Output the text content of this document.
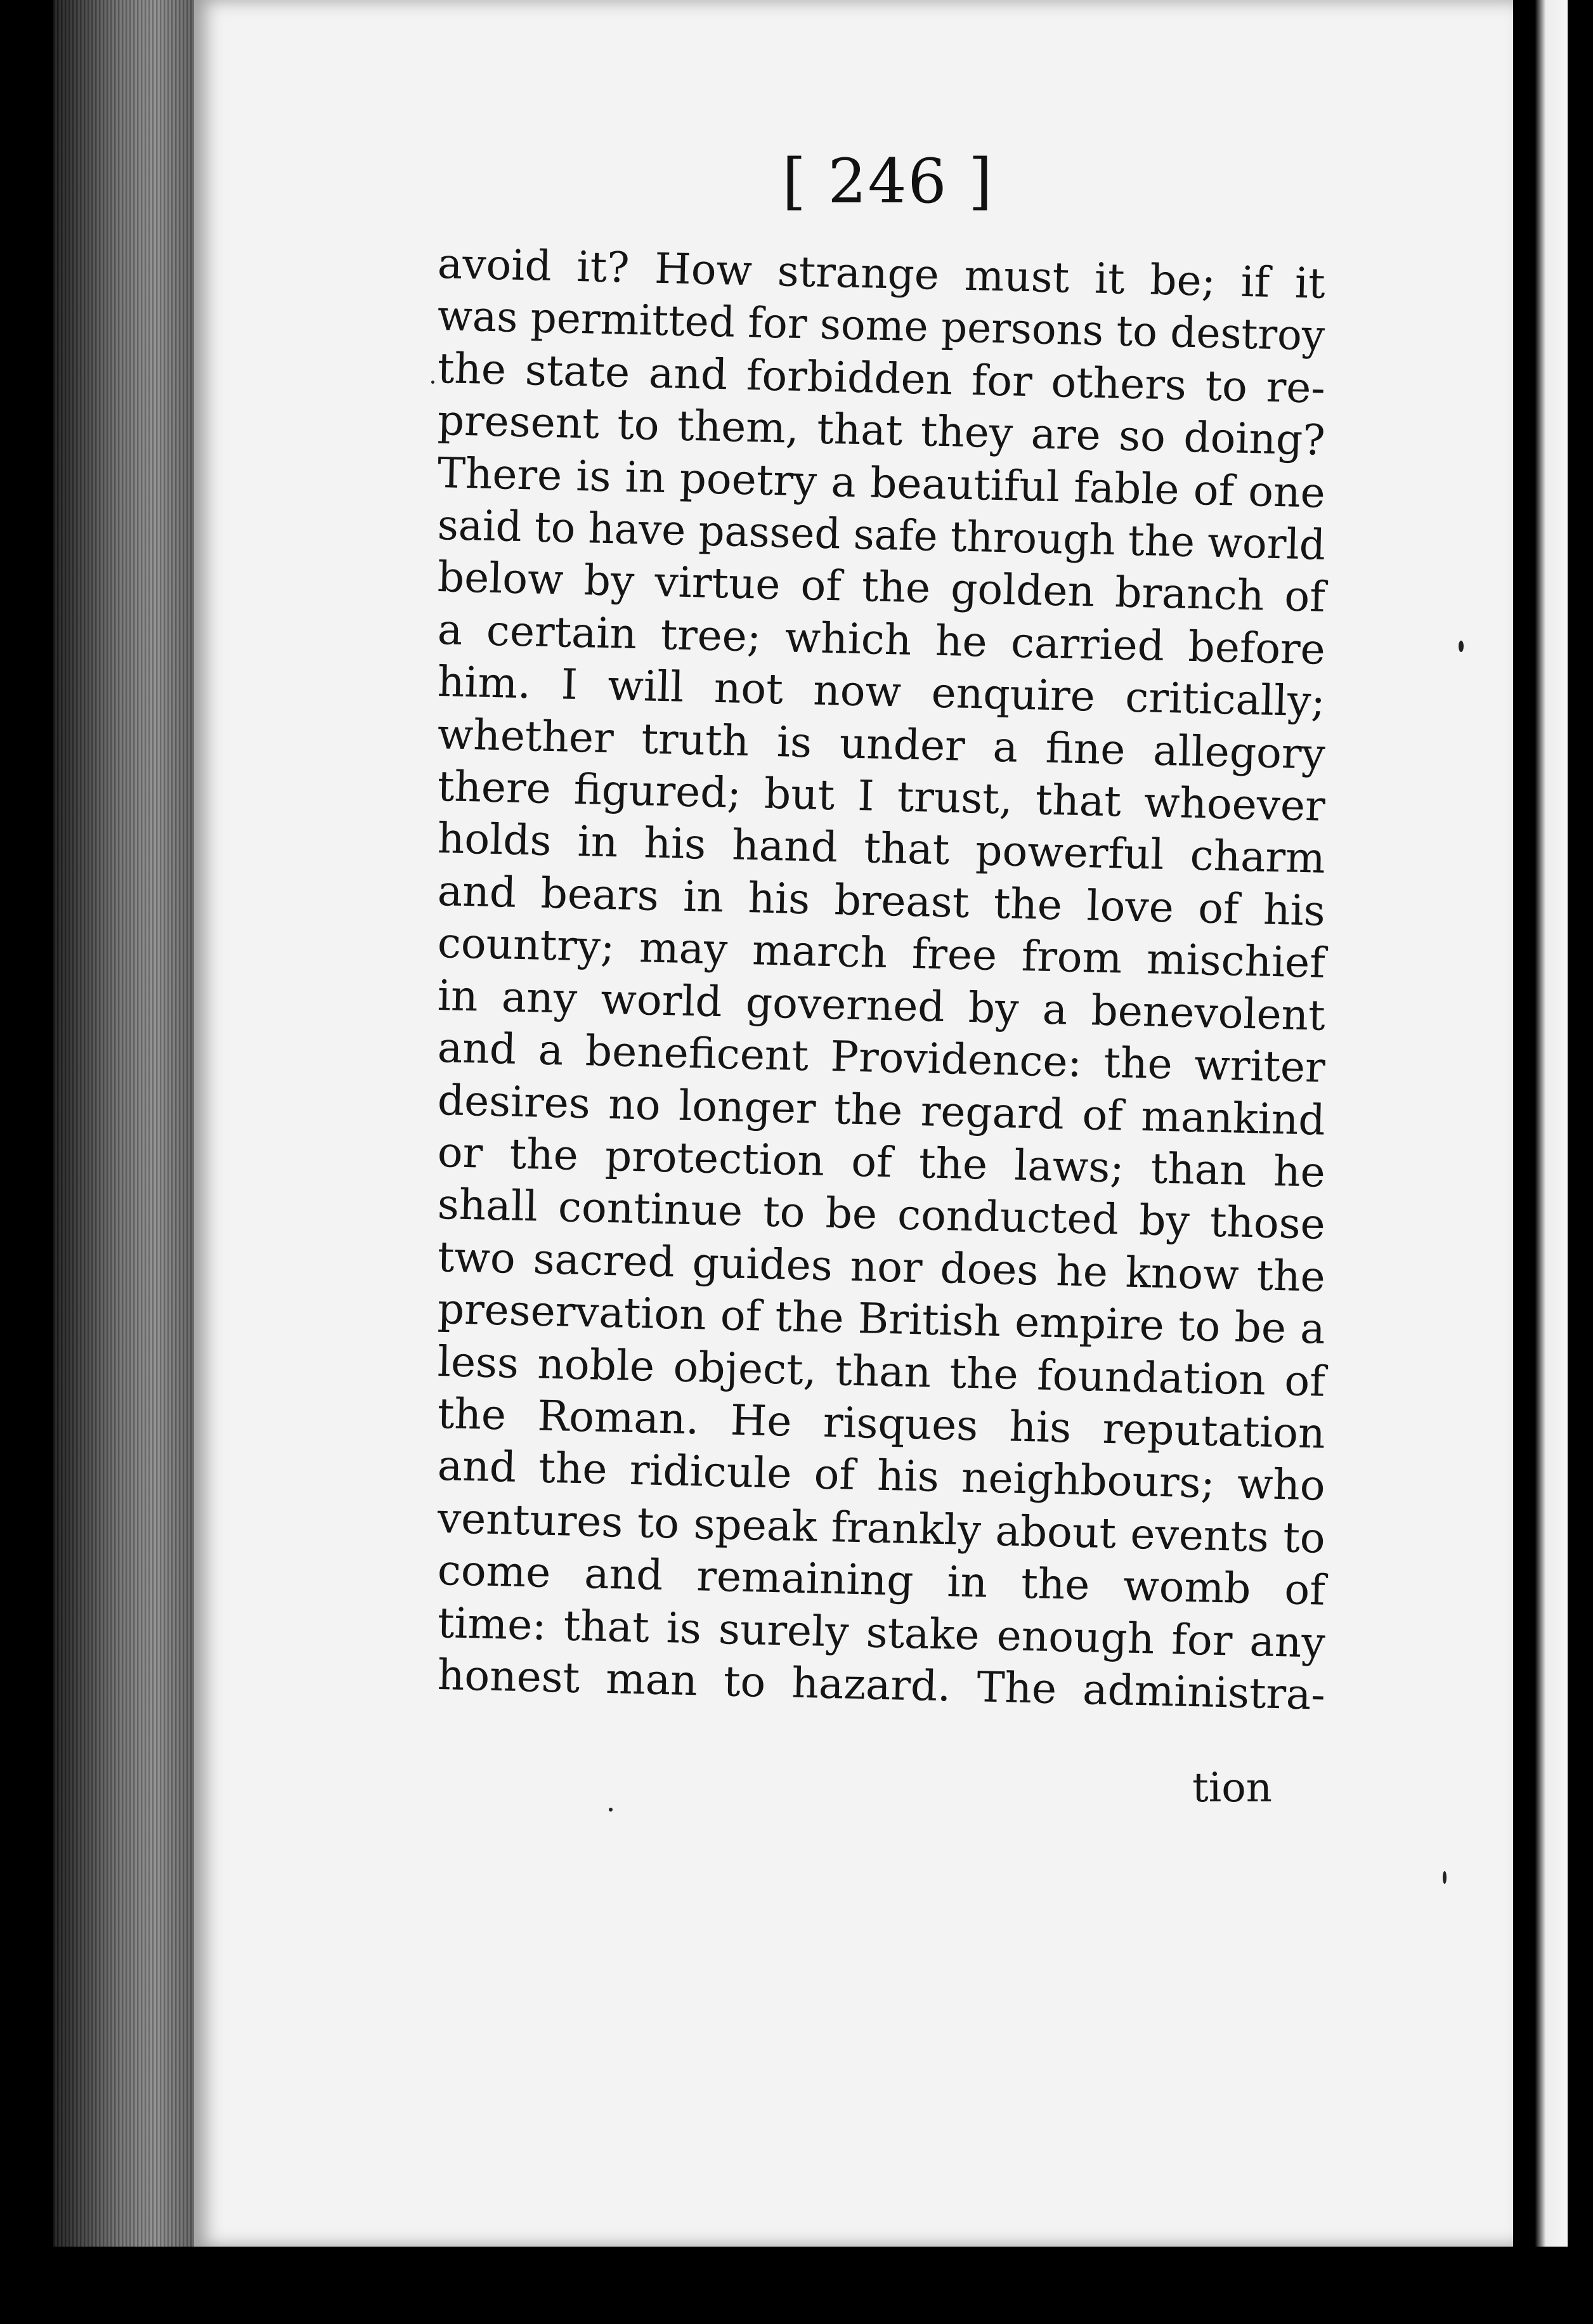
[ 246 ]
avoid it? How strange must it be; if it
was permitted for some persons to destroy
the state and forbidden for others to re-
present to them, that they are so doing?
There is in poetry a beautiful fable of one
said to have passed safe through the world
below by virtue of the golden branch of
a certain tree; which he carried before
him. I will not now enquire critically;
whether truth is under a fine allegory
there figured; but I trust, that whoever
holds in his hand that powerful charm
and bears in his breast the love of his
country; may march free from mischief
in any world governed by a benevolent
and a beneficent Providence: the writer
desires no longer the regard of mankind
or the protection of the laws; than he
shall continue to be conducted by those
two sacred guides nor does he know the
preservation of the British empire to be a
less noble object, than the foundation of
the Roman. He risques his reputation
and the ridicule of his neighbours; who
ventures to speak frankly about events to
come and remaining in the womb of
time: that is surely stake enough for any
honest man to hazard. The administra-
tion
